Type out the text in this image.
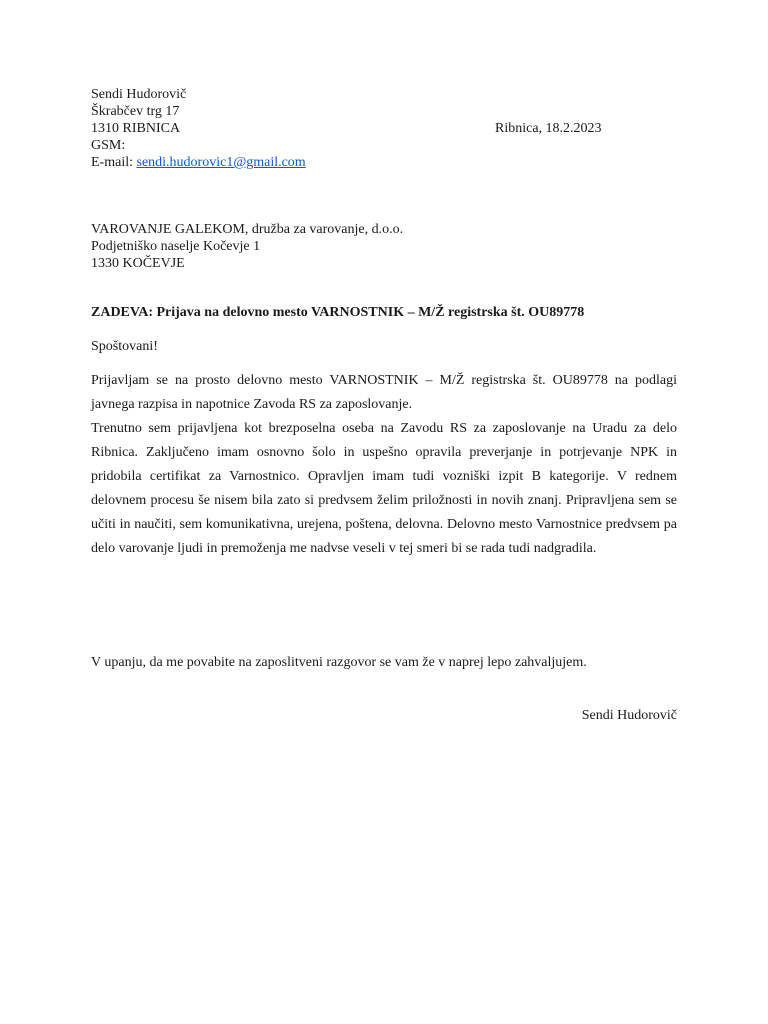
Sendi Hudorovič
Škrabčev trg 17
1310 RIBNICA	Ribnica, 18.2.2023
GSM:
E-mail: sendi.hudorovic1@gmail.com
VAROVANJE GALEKOM, družba za varovanje, d.o.o.
Podjetniško naselje Kočevje 1
1330 KOČEVJE
ZADEVA: Prijava na delovno mesto VARNOSTNIK – M/Ž registrska št. OU89778
Spoštovani!

Prijavljam se na prosto delovno mesto VARNOSTNIK – M/Ž registrska št. OU89778 na podlagi javnega razpisa in napotnice Zavoda RS za zaposlovanje.

Trenutno sem prijavljena kot brezposelna oseba na Zavodu RS za zaposlovanje na Uradu za delo Ribnica. Zaključeno imam osnovno šolo in uspešno opravila preverjanje in potrjevanje NPK in pridobila certifikat za Varnostnico. Opravljen imam tudi vozniški izpit B kategorije. V rednem delovnem procesu še nisem bila zato si predvsem želim priložnosti in novih znanj. Pripravljena sem se učiti in naučiti, sem komunikativna, urejena, poštena, delovna. Delovno mesto Varnostnice predvsem pa delo varovanje ljudi in premoženja me nadvse veseli v tej smeri bi se rada tudi nadgradila.

V upanju, da me povabite na zaposlitveni razgovor se vam že v naprej lepo zahvaljujem.
Sendi Hudorovič
